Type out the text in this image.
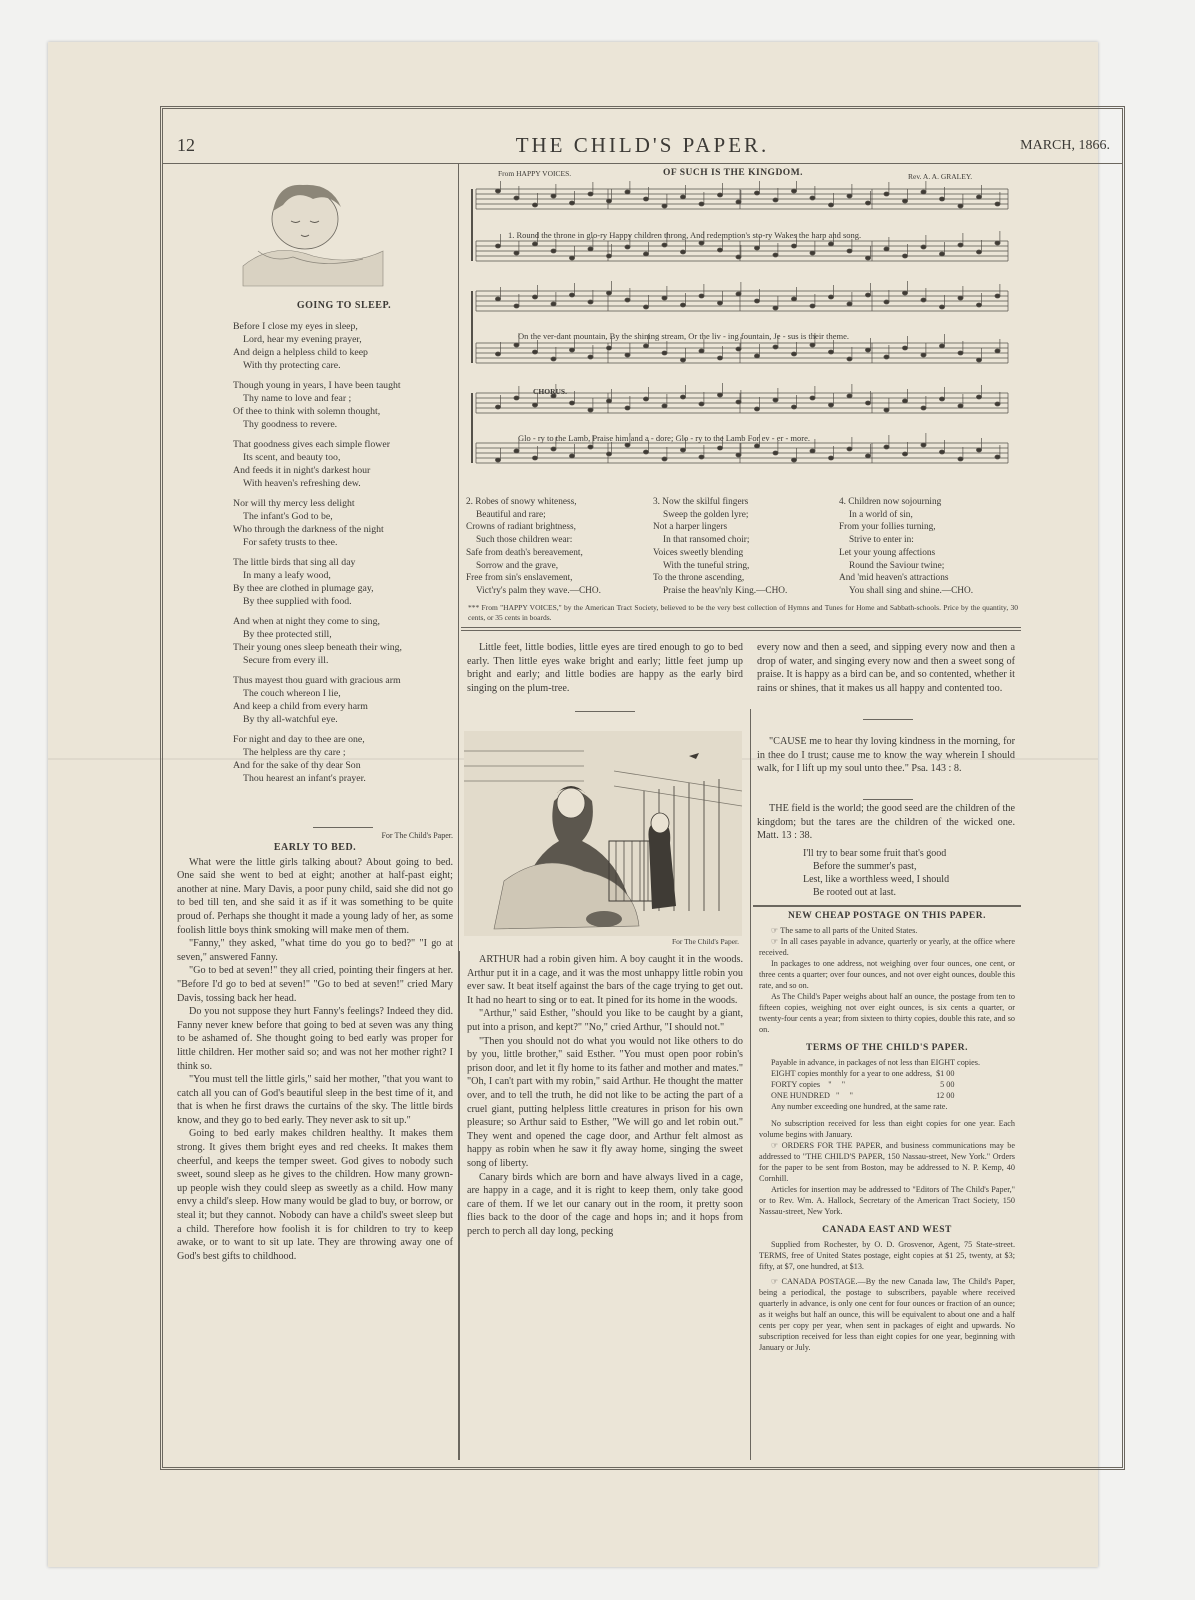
12	THE CHILD'S PAPER.	MARCH, 1866.
GOING TO SLEEP.
Before I close my eyes in sleep,
Lord, hear my evening prayer,
And deign a helpless child to keep
With thy protecting care.
Though young in years, I have been taught
Thy name to love and fear ;
Of thee to think with solemn thought,
Thy goodness to revere.
That goodness gives each simple flower
Its scent, and beauty too,
And feeds it in night's darkest hour
With heaven's refreshing dew.
Nor will thy mercy less delight
The infant's God to be,
Who through the darkness of the night
For safety trusts to thee.
The little birds that sing all day
In many a leafy wood,
By thee are clothed in plumage gay,
By thee supplied with food.
And when at night they come to sing,
By thee protected still,
Their young ones sleep beneath their wing,
Secure from every ill.
Thus mayest thou guard with gracious arm
The couch whereon I lie,
And keep a child from every harm
By thy all-watchful eye.
For night and day to thee are one,
The helpless are thy care ;
And for the sake of thy dear Son
Thou hearest an infant's prayer.
For The Child's Paper.
EARLY TO BED.

What were the little girls talking about? About going to bed. One said she went to bed at eight; another at half-past eight; another at nine. Mary Davis, a poor puny child, said she did not go to bed till ten, and she said it as if it was something to be quite proud of. Perhaps she thought it made a young lady of her, as some foolish little boys think smoking will make men of them.

"Fanny," they asked, "what time do you go to bed?" "I go at seven," answered Fanny.

"Go to bed at seven!" they all cried, pointing their fingers at her. "Before I'd go to bed at seven!" "Go to bed at seven!" cried Mary Davis, tossing back her head.

Do you not suppose they hurt Fanny's feelings? Indeed they did. Fanny never knew before that going to bed at seven was any thing to be ashamed of. She thought going to bed early was proper for little children. Her mother said so; and was not her mother right? I think so.

"You must tell the little girls," said her mother, "that you want to catch all you can of God's beautiful sleep in the best time of it, and that is when he first draws the curtains of the sky. The little birds know, and they go to bed early. They never ask to sit up."

Going to bed early makes children healthy. It makes them strong. It gives them bright eyes and red cheeks. It makes them cheerful, and keeps the temper sweet. God gives to nobody such sweet, sound sleep as he gives to the children. How many grown-up people wish they could sleep as sweetly as a child. How many envy a child's sleep. How many would be glad to buy, or borrow, or steal it; but they cannot. Nobody can have a child's sweet sleep but a child. Therefore how foolish it is for children to try to keep awake, or to want to sit up late. They are throwing away one of God's best gifts to childhood.

From HAPPY VOICES.	OF SUCH IS THE KINGDOM.	Rev. A. A. GRALEY.
1. Round the throne in glo-ry Happy children throng, And redemption's sto-ry Wakes the harp and song.
On the ver-dant mountain, By the shining stream, Or the liv - ing fountain, Je - sus is their theme.
CHORUS.
Glo - ry to the Lamb, Praise him and a - dore; Glo - ry to the Lamb For ev - er - more.
2. Robes of snowy whiteness,
Beautiful and rare;
Crowns of radiant brightness,
Such those children wear:
Safe from death's bereavement,
Sorrow and the grave,
Free from sin's enslavement,
Vict'ry's palm they wave.—CHO.
3. Now the skilful fingers
Sweep the golden lyre;
Not a harper lingers
In that ransomed choir;
Voices sweetly blending
With the tuneful string,
To the throne ascending,
Praise the heav'nly King.—CHO.
4. Children now sojourning
In a world of sin,
From your follies turning,
Strive to enter in:
Let your young affections
Round the Saviour twine;
And 'mid heaven's attractions
You shall sing and shine.—CHO.
*** From "HAPPY VOICES," by the American Tract Society, believed to be the very best collection of Hymns and Tunes for Home and Sabbath-schools. Price by the quantity, 30 cents, or 35 cents in boards.

Little feet, little bodies, little eyes are tired enough to go to bed early. Then little eyes wake bright and early; little feet jump up bright and early; and little bodies are happy as the early bird singing on the plum-tree.

For The Child's Paper.

ARTHUR had a robin given him. A boy caught it in the woods. Arthur put it in a cage, and it was the most unhappy little robin you ever saw. It beat itself against the bars of the cage trying to get out. It had no heart to sing or to eat. It pined for its home in the woods.

"Arthur," said Esther, "should you like to be caught by a giant, put into a prison, and kept?" "No," cried Arthur, "I should not."

"Then you should not do what you would not like others to do by you, little brother," said Esther. "You must open poor robin's prison door, and let it fly home to its father and mother and mates." "Oh, I can't part with my robin," said Arthur. He thought the matter over, and to tell the truth, he did not like to be acting the part of a cruel giant, putting helpless little creatures in prison for his own pleasure; so Arthur said to Esther, "We will go and let robin out." They went and opened the cage door, and Arthur felt almost as happy as robin when he saw it fly away home, singing the sweet song of liberty.

Canary birds which are born and have always lived in a cage, are happy in a cage, and it is right to keep them, only take good care of them. If we let our canary out in the room, it pretty soon flies back to the door of the cage and hops in; and it hops from perch to perch all day long, pecking

every now and then a seed, and sipping every now and then a drop of water, and singing every now and then a sweet song of praise. It is happy as a bird can be, and so contented, whether it rains or shines, that it makes us all happy and contented too.

"CAUSE me to hear thy loving kindness in the morning, for in thee do I trust; cause me to know the way wherein I should walk, for I lift up my soul unto thee." Psa. 143 : 8.

THE field is the world; the good seed are the children of the kingdom; but the tares are the children of the wicked one. Matt. 13 : 38.

I'll try to bear some fruit that's good
Before the summer's past,
Lest, like a worthless weed, I should
Be rooted out at last.
NEW CHEAP POSTAGE ON THIS PAPER.

☞ The same to all parts of the United States.

☞ In all cases payable in advance, quarterly or yearly, at the office where received.

In packages to one address, not weighing over four ounces, one cent, or three cents a quarter; over four ounces, and not over eight ounces, double this rate, and so on.

As The Child's Paper weighs about half an ounce, the postage from ten to fifteen copies, weighing not over eight ounces, is six cents a quarter, or twenty-four cents a year; from sixteen to thirty copies, double this rate, and so on.

TERMS OF THE CHILD'S PAPER.

Payable in advance, in packages of not less than EIGHT copies.

EIGHT copies monthly for a year to one address,	$1 00
FORTY copies " "	5 00
ONE HUNDRED " "	12 00

Any number exceeding one hundred, at the same rate.

No subscription received for less than eight copies for one year. Each volume begins with January.

☞ ORDERS FOR THE PAPER, and business communications may be addressed to "THE CHILD'S PAPER, 150 Nassau-street, New York." Orders for the paper to be sent from Boston, may be addressed to N. P. Kemp, 40 Cornhill.

Articles for insertion may be addressed to "Editors of The Child's Paper," or to Rev. Wm. A. Hallock, Secretary of the American Tract Society, 150 Nassau-street, New York.

CANADA EAST AND WEST

Supplied from Rochester, by O. D. Grosvenor, Agent, 75 State-street. TERMS, free of United States postage, eight copies at $1 25, twenty, at $3; fifty, at $7, one hundred, at $13.

☞ CANADA POSTAGE.—By the new Canada law, The Child's Paper, being a periodical, the postage to subscribers, payable where received quarterly in advance, is only one cent for four ounces or fraction of an ounce; as it weighs but half an ounce, this will be equivalent to about one and a half cents per copy per year, when sent in packages of eight and upwards. No subscription received for less than eight copies for one year, beginning with January or July.
